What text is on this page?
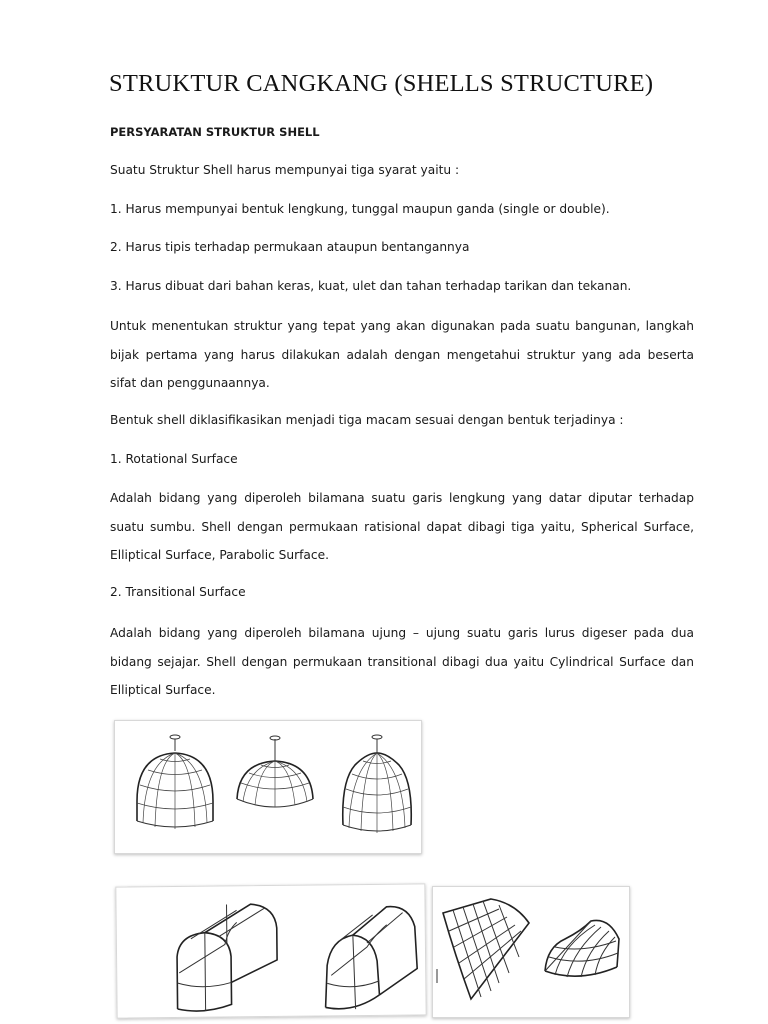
STRUKTUR CANGKANG (SHELLS STRUCTURE)
PERSYARATAN STRUKTUR SHELL
Suatu Struktur Shell harus mempunyai tiga syarat yaitu :
1. Harus mempunyai bentuk lengkung, tunggal maupun ganda (single or double).
2. Harus tipis terhadap permukaan ataupun bentangannya
3. Harus dibuat dari bahan keras, kuat, ulet dan tahan terhadap tarikan dan tekanan.
Untuk menentukan struktur yang tepat yang akan digunakan pada suatu bangunan, langkah
bijak pertama yang harus dilakukan adalah dengan mengetahui struktur yang ada beserta
sifat dan penggunaannya.
Bentuk shell diklasifikasikan menjadi tiga macam sesuai dengan bentuk terjadinya :
1. Rotational Surface
Adalah bidang yang diperoleh bilamana suatu garis lengkung yang datar diputar terhadap
suatu sumbu. Shell dengan permukaan ratisional dapat dibagi tiga yaitu, Spherical Surface,
Elliptical Surface, Parabolic Surface.
2. Transitional Surface
Adalah bidang yang diperoleh bilamana ujung – ujung suatu garis lurus digeser pada dua
bidang sejajar. Shell dengan permukaan transitional dibagi dua yaitu Cylindrical Surface dan
Elliptical Surface.
